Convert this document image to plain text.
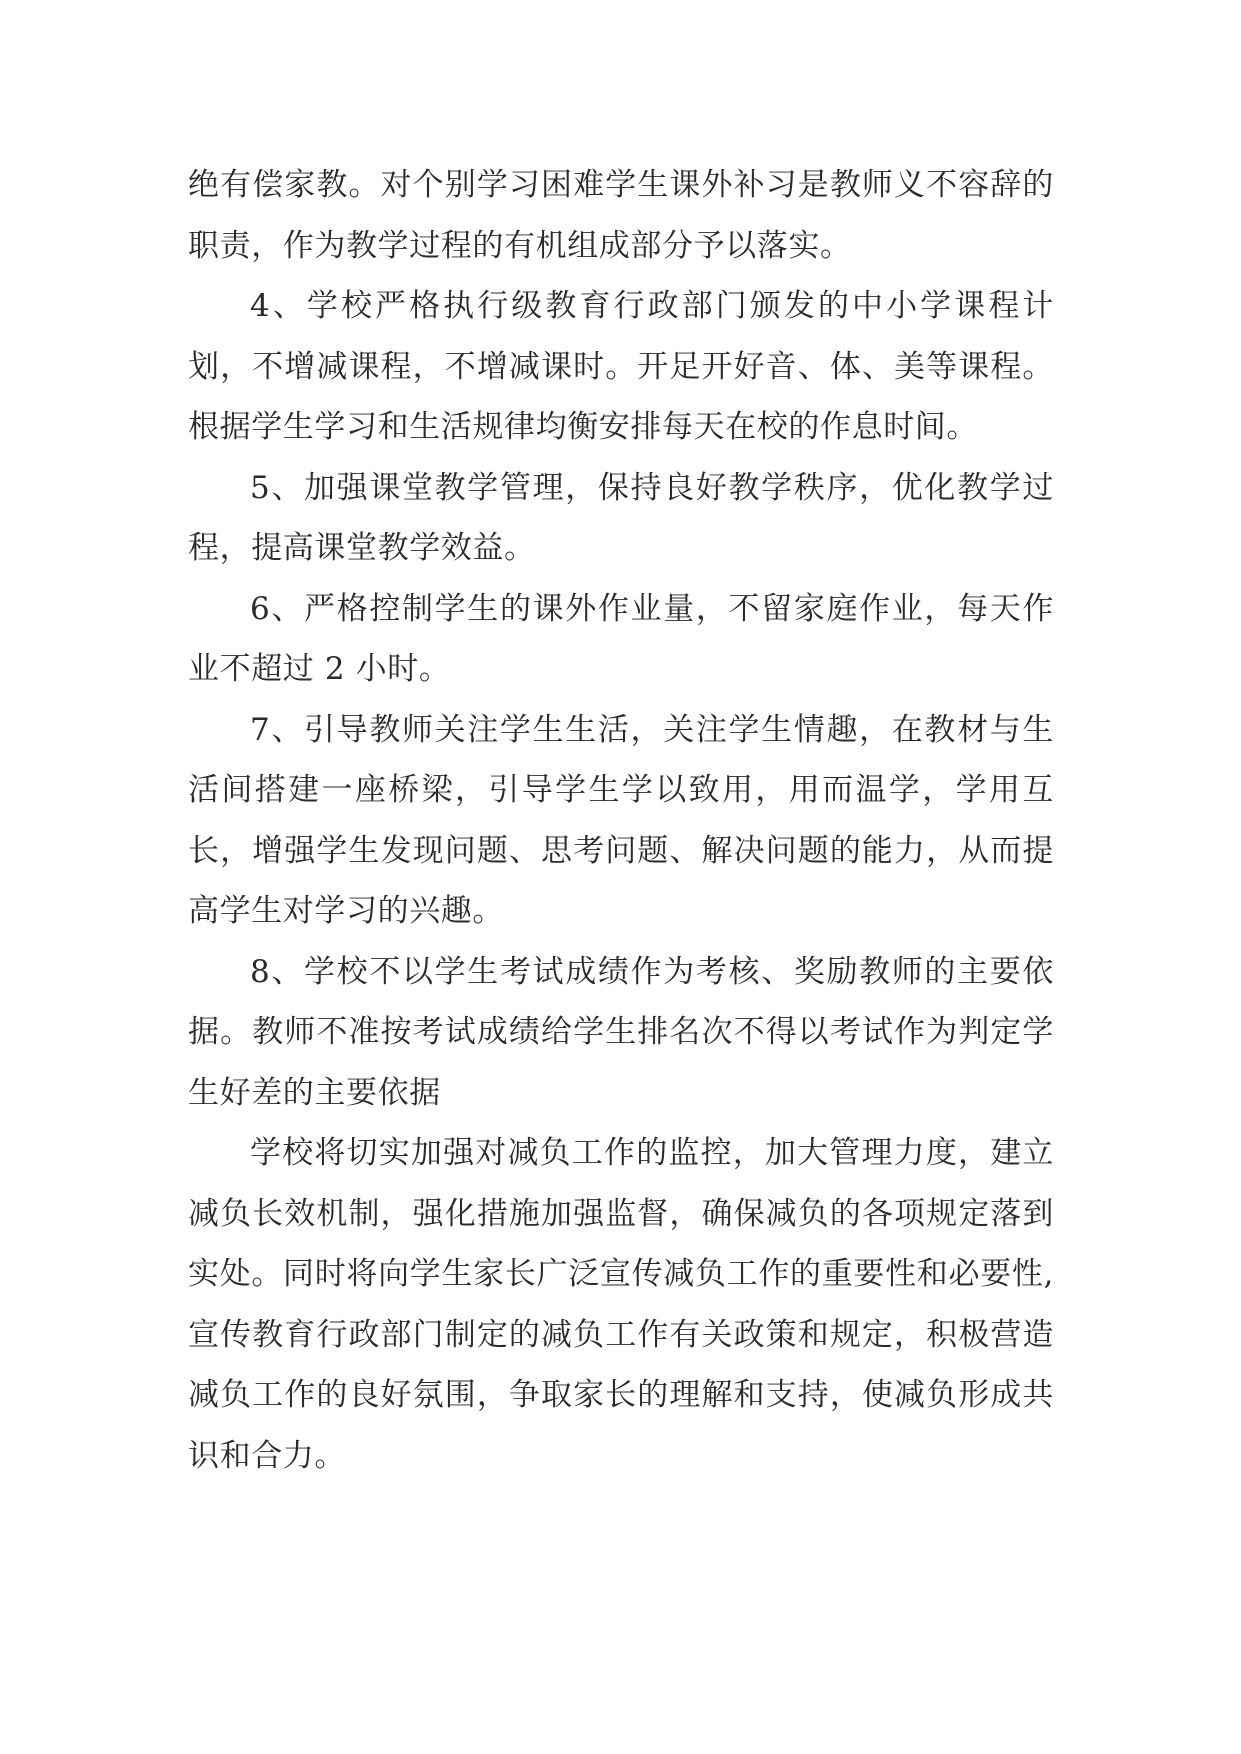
绝有偿家教。对个别学习困难学生课外补习是教师义不容辞的职责，作为教学过程的有机组成部分予以落实。

4、学校严格执行级教育行政部门颁发的中小学课程计划，不增减课程，不增减课时。开足开好音、体、美等课程。根据学生学习和生活规律均衡安排每天在校的作息时间。

5、加强课堂教学管理，保持良好教学秩序，优化教学过程，提高课堂教学效益。

6、严格控制学生的课外作业量，不留家庭作业，每天作业不超过 2 小时。

7、引导教师关注学生生活，关注学生情趣，在教材与生活间搭建一座桥梁，引导学生学以致用，用而温学，学用互长，增强学生发现问题、思考问题、解决问题的能力，从而提高学生对学习的兴趣。

8、学校不以学生考试成绩作为考核、奖励教师的主要依据。教师不准按考试成绩给学生排名次不得以考试作为判定学生好差的主要依据

学校将切实加强对减负工作的监控，加大管理力度，建立减负长效机制，强化措施加强监督，确保减负的各项规定落到实处。同时将向学生家长广泛宣传减负工作的重要性和必要性,宣传教育行政部门制定的减负工作有关政策和规定，积极营造减负工作的良好氛围，争取家长的理解和支持，使减负形成共识和合力。
